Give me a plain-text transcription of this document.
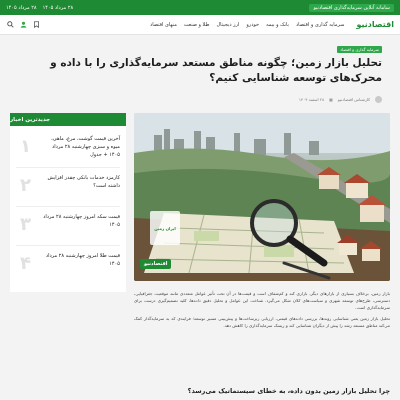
سامانه آنلاین سرمایه‌گذاری اقتصادنیو
۲۸ مرداد ۱۴۰۵
۲۸ مرداد ۱۴۰۵
اقتصادنیو
سرمایه گذاری و اقتصاد
بانک و بیمه
خودرو
ارز دیجیتال
طلا و صنعت
منهای اقتصاد
سرمایه گذاری و اقتصاد
تحلیل بازار زمین؛ چگونه مناطق مستعد سرمایه‌گذاری را با داده و محرک‌های توسعه شناسایی کنیم؟
کارشناس اقتصادنیو
▦
۲۸ اسفند ۱۴۰۴
ایران زمین
اقتصادنیو

بازار زمین، برخلاف بسیاری از بازارهای دیگر، بازاری کند و کم‌شفاف است و قیمت‌ها در آن تحت تأثیر عوامل متعددی مانند موقعیت جغرافیایی، دسترسی، طرح‌های توسعه شهری و سیاست‌های کلان شکل می‌گیرد. شناخت این عوامل و تحلیل دقیق داده‌ها، کلید تصمیم‌گیری درست برای سرمایه‌گذاری است.

تحلیل بازار زمین یعنی شناسایی روندها، بررسی داده‌های قیمتی، ارزیابی زیرساخت‌ها و پیش‌بینی مسیر توسعه؛ فرایندی که به سرمایه‌گذار کمک می‌کند مناطق مستعد رشد را پیش از دیگران شناسایی کند و ریسک سرمایه‌گذاری را کاهش دهد.

چرا تحلیل بازار زمین بدون داده، به خطای سیستماتیک می‌رسد؟
جدیدترین اخبار
۱	آخرین قیمت گوشت، مرغ، ماهی، میوه و سبزی چهارشنبه ۲۸ مرداد ۱۴۰۵ + جدول
۲	کارمزد خدمات بانکی چقدر افزایش داشته است؟
۳ قیمت سکه امروز چهارشنبه ۲۸ مرداد ۱۴۰۵
۴	قیمت طلا امروز چهارشنبه ۲۸ مرداد ۱۴۰۵
